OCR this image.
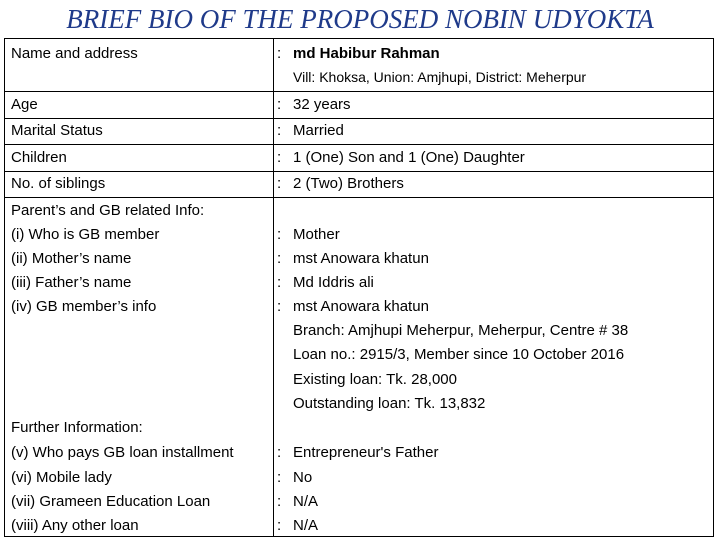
BRIEF BIO OF THE PROPOSED NOBIN UDYOKTA
Name and address	: md Habibur Rahman
Vill: Khoksa, Union: Amjhupi, District: Meherpur
Age	: 32 years
Marital Status	: Married
Children	: 1 (One) Son and 1 (One) Daughter
No. of siblings	: 2 (Two) Brothers
Parent’s and GB related Info:
(i) Who is GB member	: Mother
(ii) Mother’s name	: mst Anowara khatun
(iii) Father’s name	: Md Iddris ali
(iv) GB member’s info	: mst Anowara khatun
Branch: Amjhupi Meherpur, Meherpur, Centre # 38
Loan no.: 2915/3, Member since 10 October 2016
Existing loan: Tk. 28,000
Outstanding loan: Tk. 13,832
Further Information:
(v) Who pays GB loan installment	: Entrepreneur's Father
(vi) Mobile lady	: No
(vii) Grameen Education Loan	: N/A
(viii) Any other loan	: N/A
